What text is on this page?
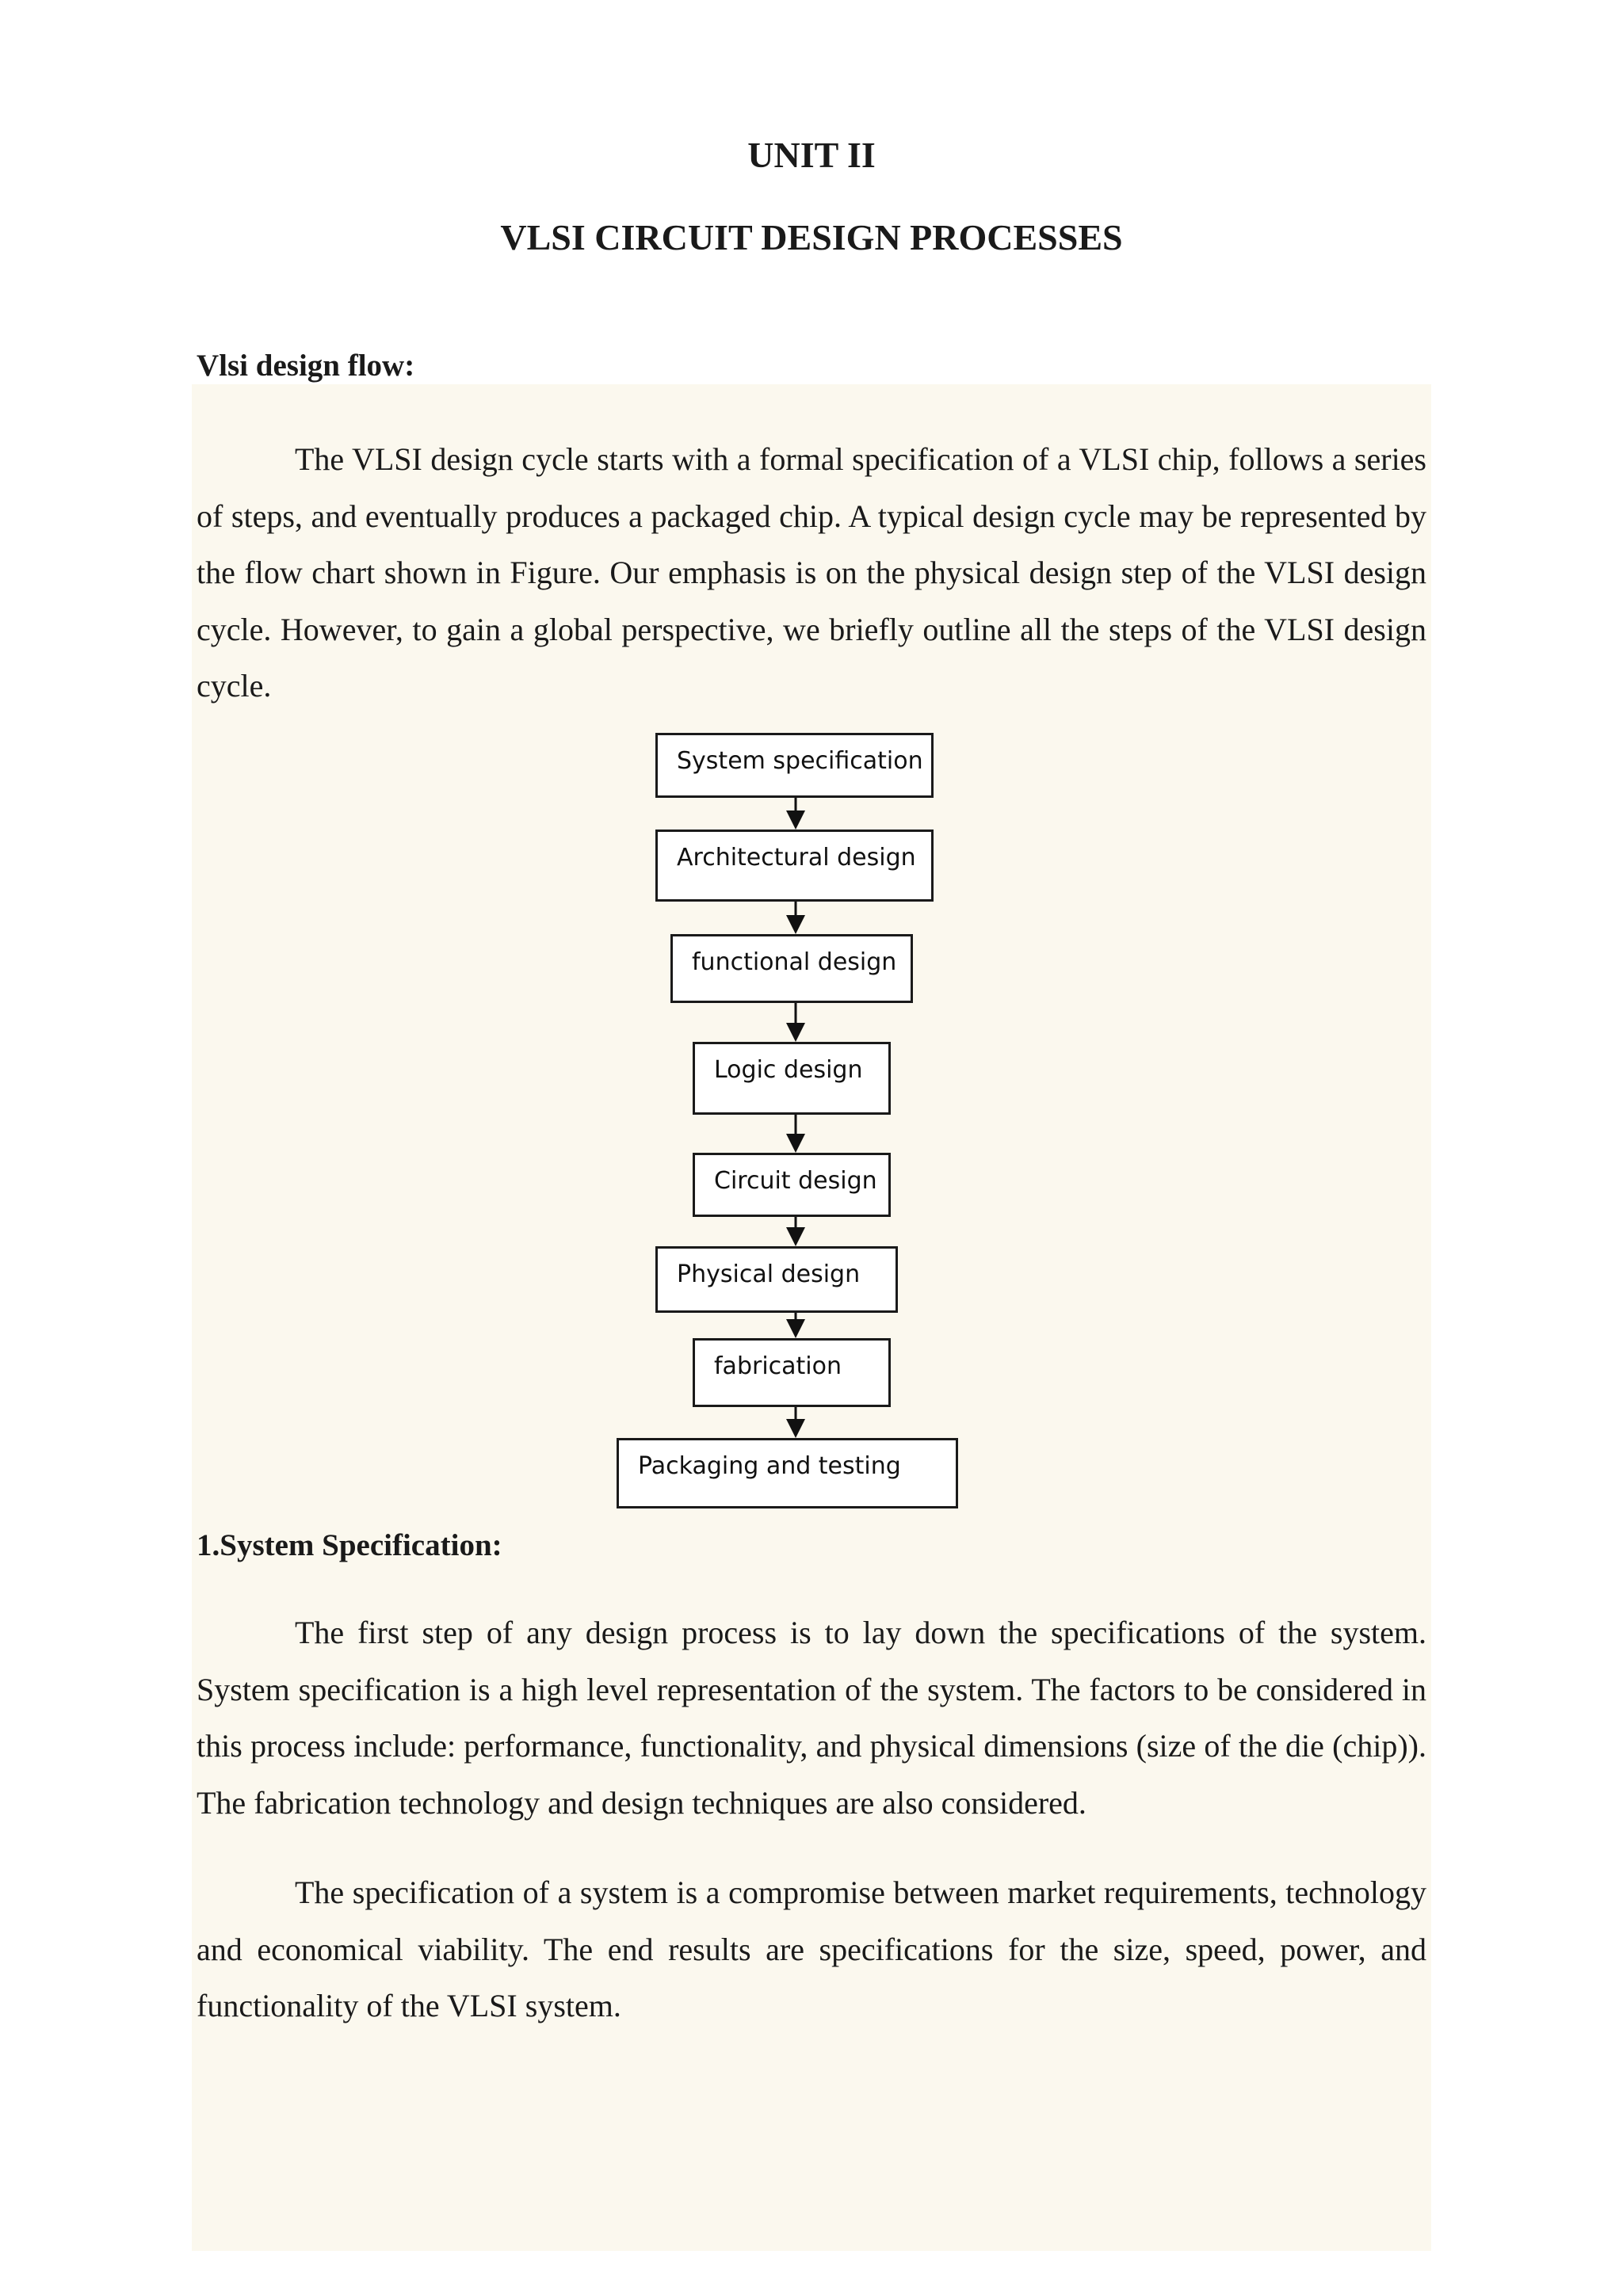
UNIT II
VLSI CIRCUIT DESIGN PROCESSES
Vlsi design flow:

The VLSI design cycle starts with a formal specification of a VLSI chip, follows a series of steps, and eventually produces a packaged chip. A typical design cycle may be represented by the flow chart shown in Figure. Our emphasis is on the physical design step of the VLSI design cycle. However, to gain a global perspective, we briefly outline all the steps of the VLSI design cycle.

System specification
Architectural design
functional design
Logic design
Circuit design
Physical design
fabrication
Packaging and testing
1.System Specification:

The first step of any design process is to lay down the specifications of the system. System specification is a high level representation of the system. The factors to be considered in this process include: performance, functionality, and physical dimensions (size of the die (chip)). The fabrication technology and design techniques are also considered.

The specification of a system is a compromise between market requirements, technology and economical viability. The end results are specifications for the size, speed, power, and functionality of the VLSI system.
